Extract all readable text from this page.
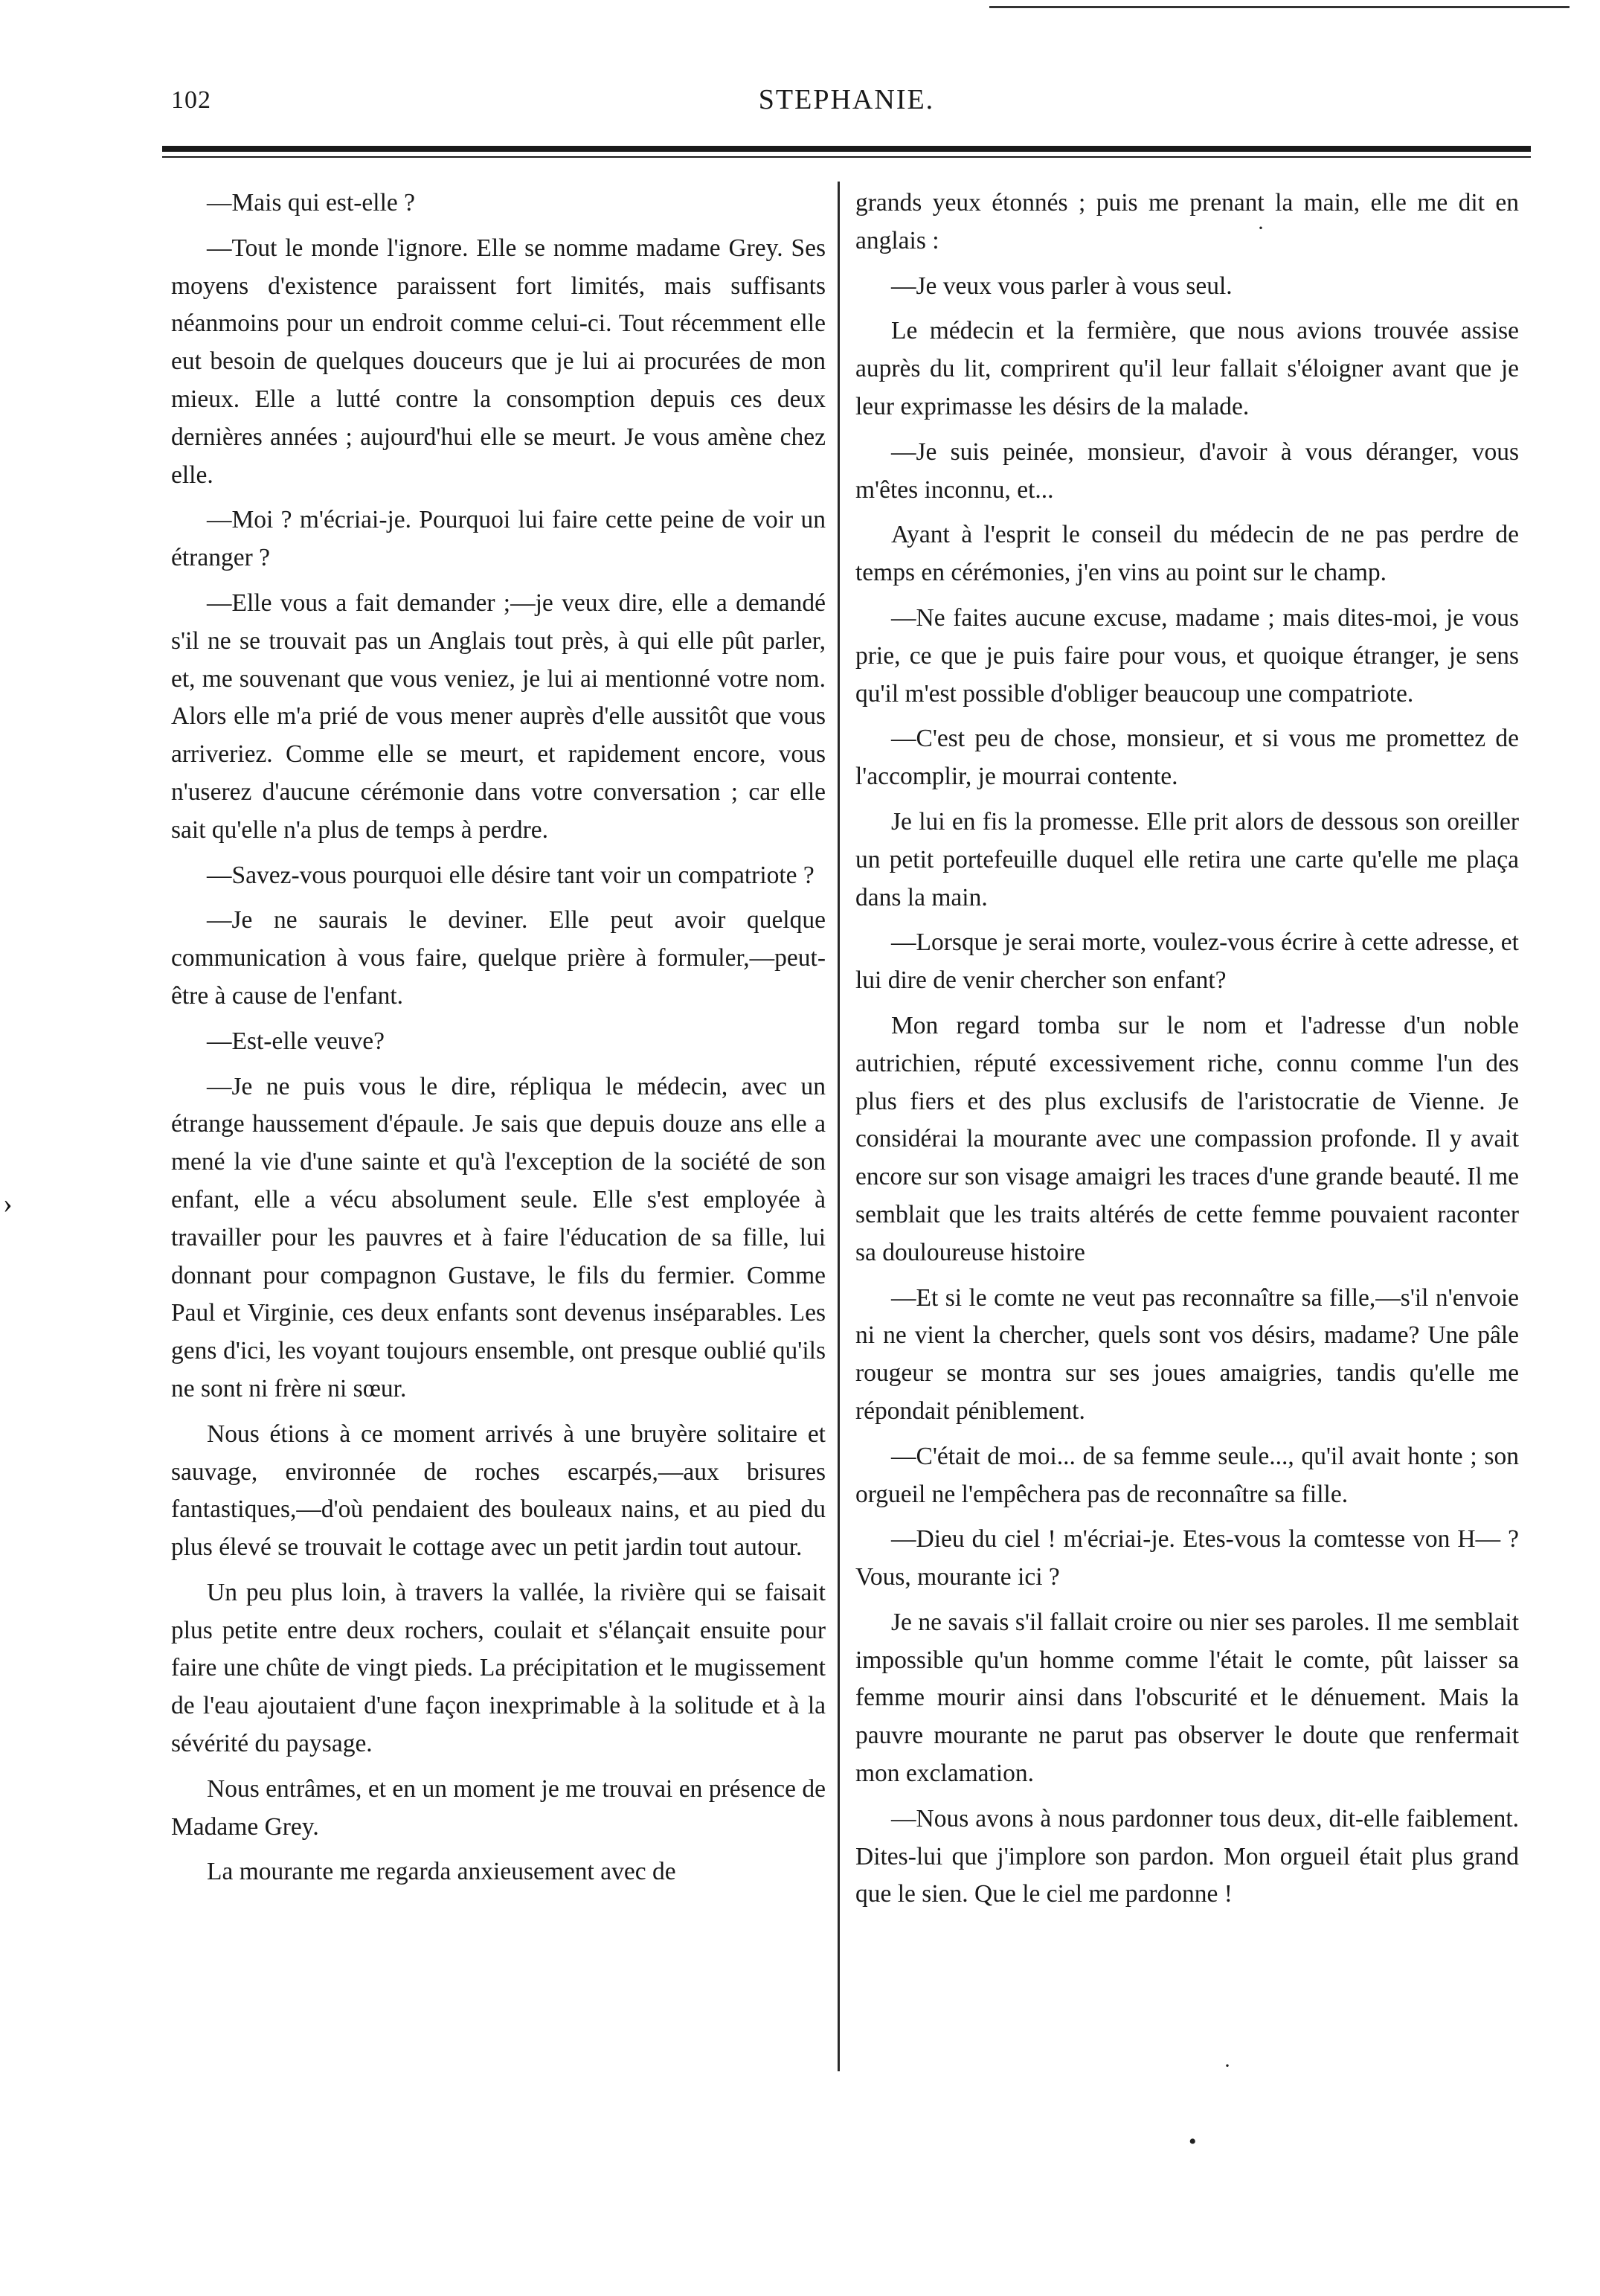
102	STEPHANIE.
›

—Mais qui est-elle ?

—Tout le monde l'ignore. Elle se nomme madame Grey. Ses moyens d'existence paraissent fort limités, mais suffisants néanmoins pour un endroit comme celui-ci. Tout récemment elle eut besoin de quelques douceurs que je lui ai procurées de mon mieux. Elle a lutté contre la consomption depuis ces deux dernières années ; aujourd'hui elle se meurt. Je vous amène chez elle.

—Moi ? m'écriai-je. Pourquoi lui faire cette peine de voir un étranger ?

—Elle vous a fait demander ;—je veux dire, elle a demandé s'il ne se trouvait pas un Anglais tout près, à qui elle pût parler, et, me souvenant que vous veniez, je lui ai mentionné votre nom. Alors elle m'a prié de vous mener auprès d'elle aussitôt que vous arriveriez. Comme elle se meurt, et rapidement encore, vous n'userez d'aucune cérémonie dans votre conversation ; car elle sait qu'elle n'a plus de temps à perdre.

—Savez-vous pourquoi elle désire tant voir un compatriote ?

—Je ne saurais le deviner. Elle peut avoir quelque communication à vous faire, quelque prière à formuler,—peut-être à cause de l'enfant.

—Est-elle veuve?

—Je ne puis vous le dire, répliqua le médecin, avec un étrange haussement d'épaule. Je sais que depuis douze ans elle a mené la vie d'une sainte et qu'à l'exception de la société de son enfant, elle a vécu absolument seule. Elle s'est employée à travailler pour les pauvres et à faire l'éducation de sa fille, lui donnant pour compagnon Gustave, le fils du fermier. Comme Paul et Virginie, ces deux enfants sont devenus inséparables. Les gens d'ici, les voyant toujours ensemble, ont presque oublié qu'ils ne sont ni frère ni sœur.

Nous étions à ce moment arrivés à une bruyère solitaire et sauvage, environnée de roches escarpés,—aux brisures fantastiques,—d'où pendaient des bouleaux nains, et au pied du plus élevé se trouvait le cottage avec un petit jardin tout autour.

Un peu plus loin, à travers la vallée, la rivière qui se faisait plus petite entre deux rochers, coulait et s'élançait ensuite pour faire une chûte de vingt pieds. La précipitation et le mugissement de l'eau ajoutaient d'une façon inexprimable à la solitude et à la sévérité du paysage.

Nous entrâmes, et en un moment je me trouvai en présence de Madame Grey.

La mourante me regarda anxieusement avec de

grands yeux étonnés ; puis me prenant la main, elle me dit en anglais :

—Je veux vous parler à vous seul.

Le médecin et la fermière, que nous avions trouvée assise auprès du lit, comprirent qu'il leur fallait s'éloigner avant que je leur exprimasse les désirs de la malade.

—Je suis peinée, monsieur, d'avoir à vous déranger, vous m'êtes inconnu, et...

Ayant à l'esprit le conseil du médecin de ne pas perdre de temps en cérémonies, j'en vins au point sur le champ.

—Ne faites aucune excuse, madame ; mais dites-moi, je vous prie, ce que je puis faire pour vous, et quoique étranger, je sens qu'il m'est possible d'obliger beaucoup une compatriote.

—C'est peu de chose, monsieur, et si vous me promettez de l'accomplir, je mourrai contente.

Je lui en fis la promesse. Elle prit alors de dessous son oreiller un petit portefeuille duquel elle retira une carte qu'elle me plaça dans la main.

—Lorsque je serai morte, voulez-vous écrire à cette adresse, et lui dire de venir chercher son enfant?

Mon regard tomba sur le nom et l'adresse d'un noble autrichien, réputé excessivement riche, connu comme l'un des plus fiers et des plus exclusifs de l'aristocratie de Vienne. Je considérai la mourante avec une compassion profonde. Il y avait encore sur son visage amaigri les traces d'une grande beauté. Il me semblait que les traits altérés de cette femme pouvaient raconter sa douloureuse histoire

—Et si le comte ne veut pas reconnaître sa fille,—s'il n'envoie ni ne vient la chercher, quels sont vos désirs, madame? Une pâle rougeur se montra sur ses joues amaigries, tandis qu'elle me répondait péniblement.

—C'était de moi... de sa femme seule..., qu'il avait honte ; son orgueil ne l'empêchera pas de reconnaître sa fille.

—Dieu du ciel ! m'écriai-je. Etes-vous la comtesse von H— ? Vous, mourante ici ?

Je ne savais s'il fallait croire ou nier ses paroles. Il me semblait impossible qu'un homme comme l'était le comte, pût laisser sa femme mourir ainsi dans l'obscurité et le dénuement. Mais la pauvre mourante ne parut pas observer le doute que renfermait mon exclamation.

—Nous avons à nous pardonner tous deux, dit-elle faiblement. Dites-lui que j'implore son pardon. Mon orgueil était plus grand que le sien. Que le ciel me pardonne !

·
·
•
